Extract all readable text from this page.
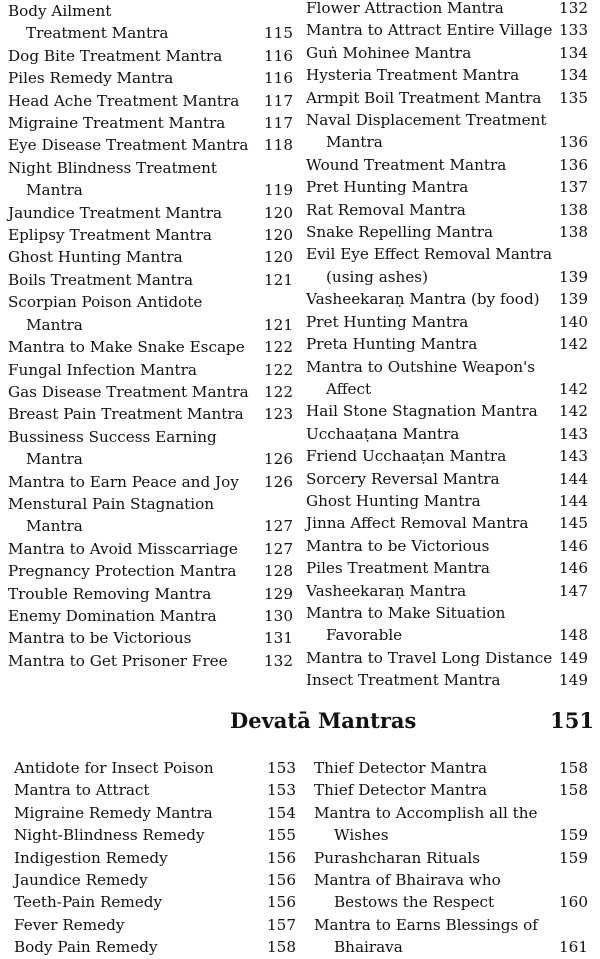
Body Ailment
Treatment Mantra	115
Dog Bite Treatment Mantra	116
Piles Remedy Mantra	116
Head Ache Treatment Mantra	117
Migraine Treatment Mantra	117
Eye Disease Treatment Mantra	118
Night Blindness Treatment
Mantra	119
Jaundice Treatment Mantra	120
Eplipsy Treatment Mantra	120
Ghost Hunting Mantra	120
Boils Treatment Mantra	121
Scorpian Poison Antidote
Mantra	121
Mantra to Make Snake Escape	122
Fungal Infection Mantra	122
Gas Disease Treatment Mantra	122
Breast Pain Treatment Mantra	123
Bussiness Success Earning
Mantra	126
Mantra to Earn Peace and Joy	126
Menstural Pain Stagnation
Mantra	127
Mantra to Avoid Misscarriage	127
Pregnancy Protection Mantra	128
Trouble Removing Mantra	129
Enemy Domination Mantra	130
Mantra to be Victorious	131
Mantra to Get Prisoner Free	132
Flower Attraction Mantra	132
Mantra to Attract Entire Village 133
Guṅ Mohinee Mantra	134
Hysteria Treatment Mantra	134
Armpit Boil Treatment Mantra	135
Naval Displacement Treatment
Mantra	136
Wound Treatment Mantra	136
Pret Hunting Mantra	137
Rat Removal Mantra	138
Snake Repelling Mantra	138
Evil Eye Effect Removal Mantra
(using ashes)	139
Vasheekaraṇ Mantra (by food)	139
Pret Hunting Mantra	140
Preta Hunting Mantra	142
Mantra to Outshine Weapon's
Affect	142
Hail Stone Stagnation Mantra	142
Ucchaaṭana Mantra	143
Friend Ucchaaṭan Mantra	143
Sorcery Reversal Mantra	144
Ghost Hunting Mantra	144
Jinna Affect Removal Mantra	145
Mantra to be Victorious	146
Piles Treatment Mantra	146
Vasheekaraṇ Mantra	147
Mantra to Make Situation
Favorable	148
Mantra to Travel Long Distance 149
Insect Treatment Mantra	149
Devatā Mantras	151
Antidote for Insect Poison	153
Mantra to Attract	153
Migraine Remedy Mantra	154
Night-Blindness Remedy	155
Indigestion Remedy	156
Jaundice Remedy	156
Teeth-Pain Remedy	156
Fever Remedy	157
Body Pain Remedy	158
Thief Detector Mantra	158
Thief Detector Mantra	158
Mantra to Accomplish all the
Wishes	159
Purashcharan Rituals	159
Mantra of Bhairava who
Bestows the Respect	160
Mantra to Earns Blessings of
Bhairava	161
